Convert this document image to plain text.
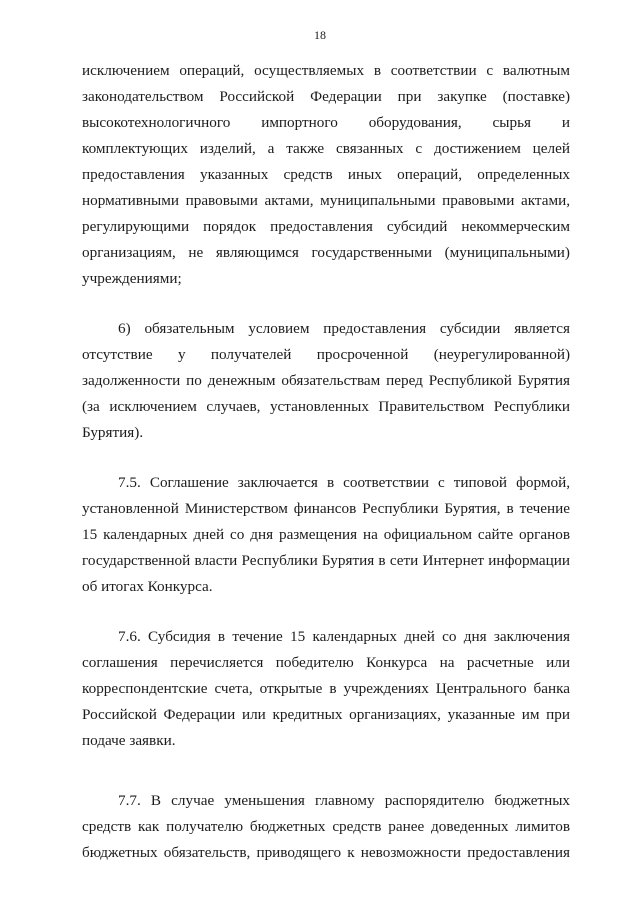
18
исключением операций, осуществляемых в соответствии с валютным
законодательством Российской Федерации при закупке (поставке)
высокотехнологичного импортного оборудования, сырья и
комплектующих изделий, а также связанных с достижением целей
предоставления указанных средств иных операций, определенных
нормативными правовыми актами, муниципальными правовыми актами,
регулирующими порядок предоставления субсидий некоммерческим
организациям, не являющимся государственными (муниципальными)
учреждениями;
6) обязательным условием предоставления субсидии является
отсутствие у получателей просроченной (неурегулированной)
задолженности по денежным обязательствам перед Республикой Бурятия
(за исключением случаев, установленных Правительством Республики
Бурятия).
7.5. Соглашение заключается в соответствии с типовой формой,
установленной Министерством финансов Республики Бурятия, в течение
15 календарных дней со дня размещения на официальном сайте органов
государственной власти Республики Бурятия в сети Интернет информации
об итогах Конкурса.
7.6. Субсидия в течение 15 календарных дней со дня заключения
соглашения перечисляется победителю Конкурса на расчетные или
корреспондентские счета, открытые в учреждениях Центрального банка
Российской Федерации или кредитных организациях, указанные им при
подаче заявки.
7.7. В случае уменьшения главному распорядителю бюджетных
средств как получателю бюджетных средств ранее доведенных лимитов
бюджетных обязательств, приводящего к невозможности предоставления
